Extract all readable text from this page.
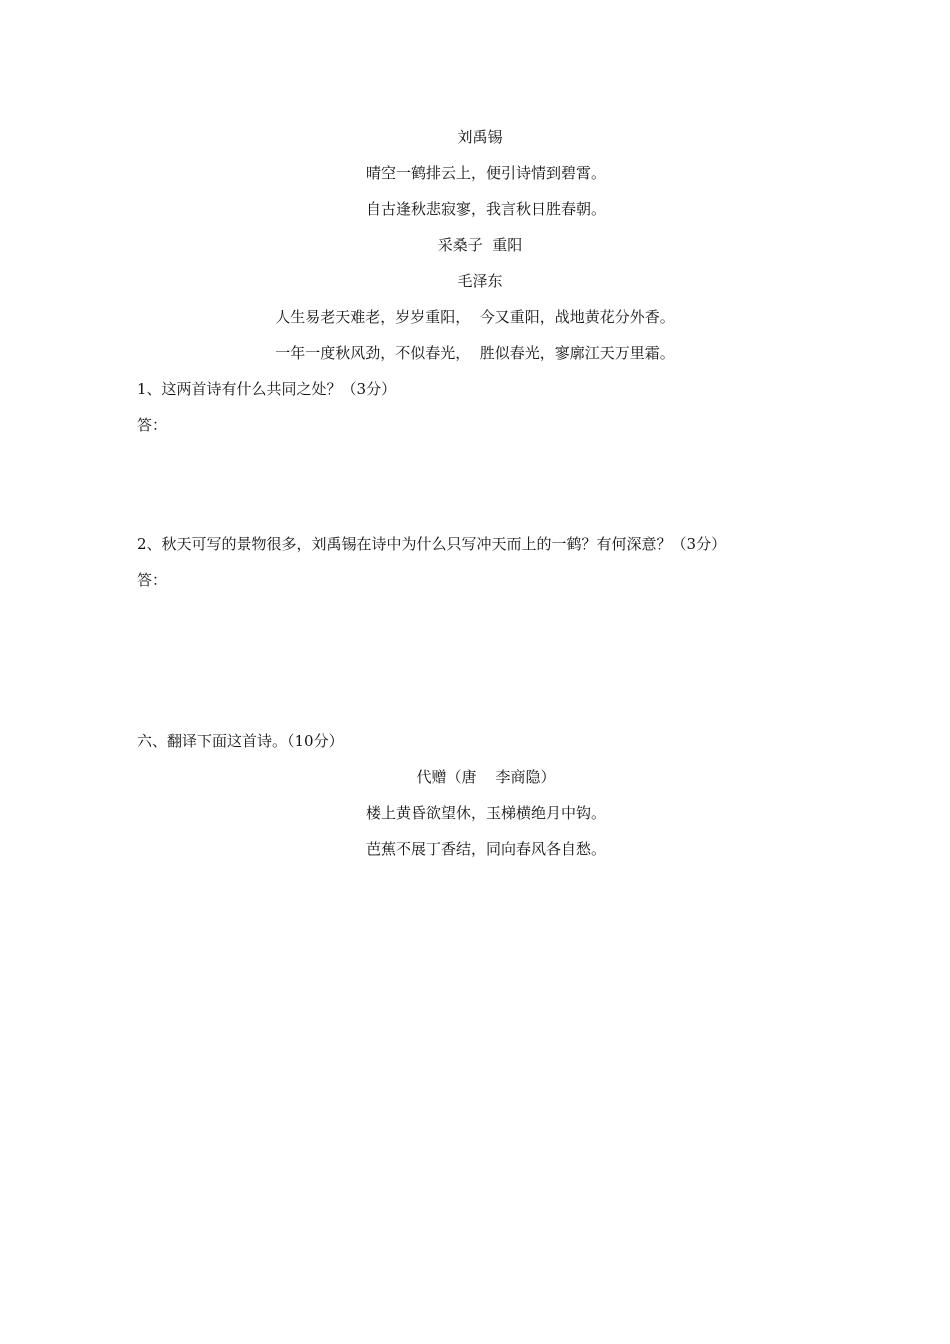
刘禹锡
晴空一鹤排云上，便引诗情到碧霄。
自古逢秋悲寂寥，我言秋日胜春朝。
采桑子  重阳
毛泽东
人生易老天难老，岁岁重阳，  今又重阳，战地黄花分外香。
一年一度秋风劲，不似春光，  胜似春光，寥廓江天万里霜。
1、这两首诗有什么共同之处？（3分）
答：
2、秋天可写的景物很多，刘禹锡在诗中为什么只写冲天而上的一鹤？有何深意？（3分）
答：
六、翻译下面这首诗。（10分）
代赠（唐    李商隐）
楼上黄昏欲望休，玉梯横绝月中钩。
芭蕉不展丁香结，同向春风各自愁。
